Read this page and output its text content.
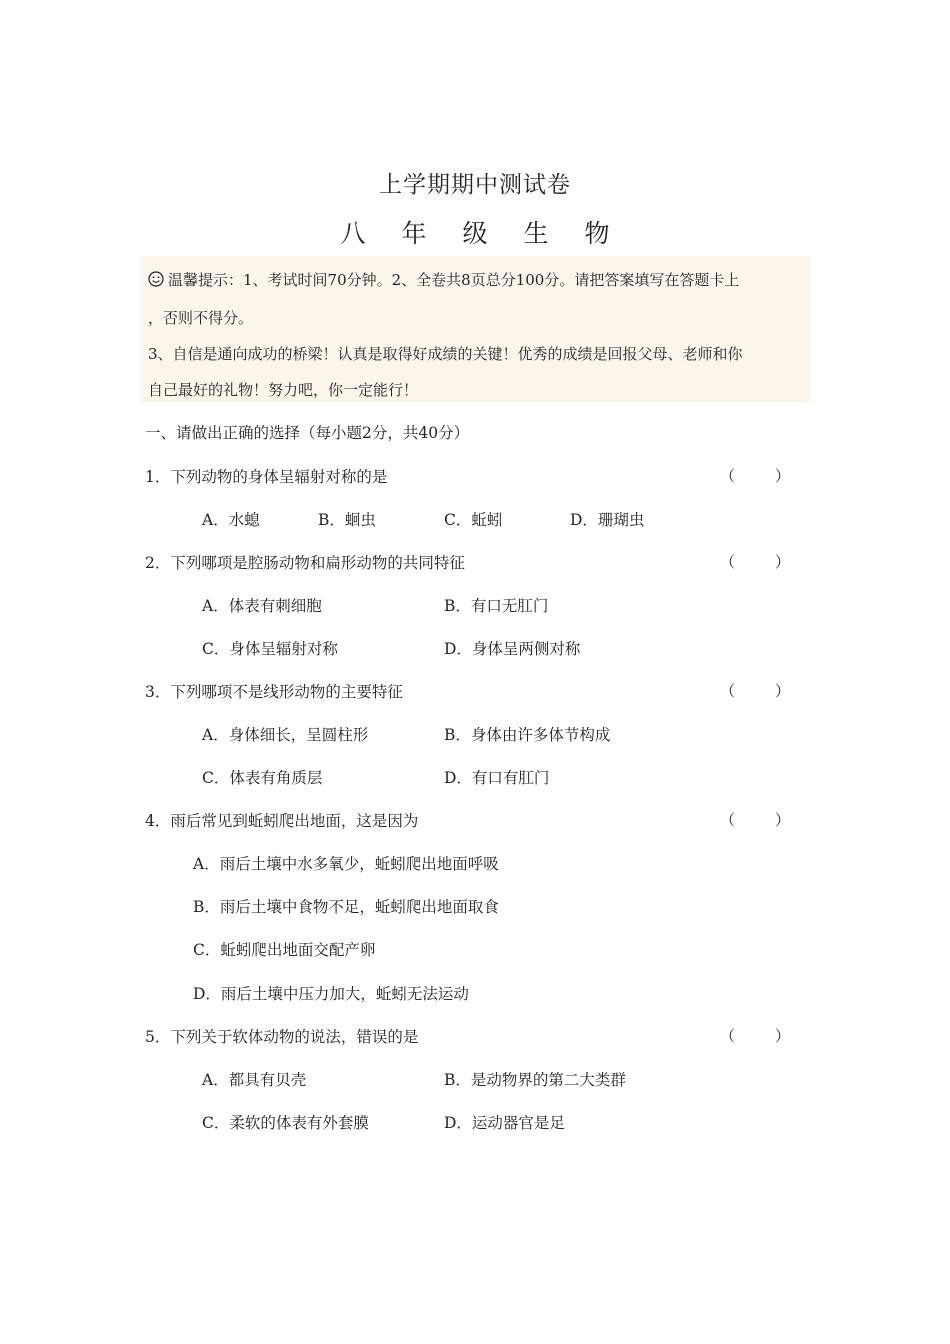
上学期期中测试卷
八 年 级 生 物
温馨提示：1、考试时间70分钟。2、全卷共8页总分100分。请把答案填写在答题卡上
，否则不得分。
3、自信是通向成功的桥梁！认真是取得好成绩的关键！优秀的成绩是回报父母、老师和你
自己最好的礼物！努力吧，你一定能行！
一、请做出正确的选择（每小题2分，共40分）
1．下列动物的身体呈辐射对称的是	（	）
A．水螅	B．蛔虫	C．蚯蚓	D．珊瑚虫
2．下列哪项是腔肠动物和扁形动物的共同特征	（	）
A．体表有刺细胞	B．有口无肛门
C．身体呈辐射对称	D．身体呈两侧对称
3．下列哪项不是线形动物的主要特征	（	）
A．身体细长，呈圆柱形	B．身体由许多体节构成
C．体表有角质层	D．有口有肛门
4．雨后常见到蚯蚓爬出地面，这是因为	（	）
A．雨后土壤中水多氧少，蚯蚓爬出地面呼吸
B．雨后土壤中食物不足，蚯蚓爬出地面取食
C．蚯蚓爬出地面交配产卵
D．雨后土壤中压力加大，蚯蚓无法运动
5．下列关于软体动物的说法，错误的是	（	）
A．都具有贝壳	B．是动物界的第二大类群
C．柔软的体表有外套膜	D．运动器官是足
